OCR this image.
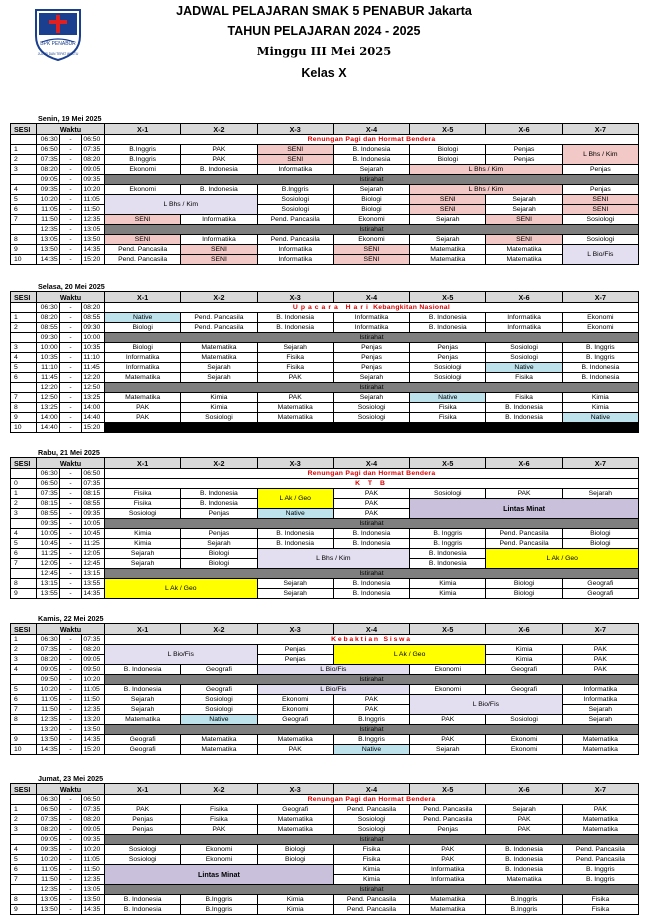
BPK PENABUR
JUJUR DAN TEPAT WAKTU
JADWAL PELAJARAN SMAK 5 PENABUR Jakarta
TAHUN PELAJARAN 2024 - 2025
Minggu III Mei 2025
Kelas X
Senin, 19 Mei 2025
SESI	Waktu			X-1	X-2	X-3	X-4	X-5	X-6	X-7
	06:30	-	06:50	Renungan Pagi dan Hormat Bendera						
1	06:50	-	07:35	B.Inggris	PAK	SENI	B. Indonesia	Biologi	Penjas	L Bhs / Kim
2	07:35	-	08:20	B.Inggris	PAK	SENI	B. Indonesia	Biologi	Penjas	
3	08:20	-	09:05	Ekonomi	B. Indonesia	Informatika	Sejarah	L Bhs / Kim		Penjas
	09:05	-	09:35	Istirahat						
4	09:35	-	10:20	Ekonomi	B. Indonesia	B.Inggris	Sejarah	L Bhs / Kim		Penjas
5	10:20	-	11:05	L Bhs / Kim		Sosiologi	Biologi	SENI	Sejarah	SENI
6	11:05	-	11:50			Sosiologi	Biologi	SENI	Sejarah	SENI
7	11:50	-	12:35	SENI	Informatika	Pend. Pancasila	Ekonomi	Sejarah	SENI	Sosiologi
	12:35	-	13:05	Istirahat						
8	13:05	-	13:50	SENI	Informatika	Pend. Pancasila	Ekonomi	Sejarah	SENI	Sosiologi
9	13:50	-	14:35	Pend. Pancasila	SENI	Informatika	SENI	Matematika	Matematika	L Bio/Fis
10	14:35	-	15:20	Pend. Pancasila	SENI	Informatika	SENI	Matematika	Matematika	
Selasa, 20 Mei 2025
SESI	Waktu			X-1	X-2	X-3	X-4	X-5	X-6	X-7
	06:30	-	08:20	Upacara Hari Kebangkitan Nasional						
1	08:20	-	08:55	Native	Pend. Pancasila	B. Indonesia	Informatika	B. Indonesia	Informatika	Ekonomi
2	08:55	-	09:30	Biologi	Pend. Pancasila	B. Indonesia	Informatika	B. Indonesia	Informatika	Ekonomi
	09:30	-	10:00	Istirahat						
3	10:00	-	10:35	Biologi	Matematika	Sejarah	Penjas	Penjas	Sosiologi	B. Inggris
4	10:35	-	11:10	Informatika	Matematika	Fisika	Penjas	Penjas	Sosiologi	B. Inggris
5	11:10	-	11:45	Informatika	Sejarah	Fisika	Penjas	Sosiologi	Native	B. Indonesia
6	11:45	-	12:20	Matematika	Sejarah	PAK	Sejarah	Sosiologi	Fisika	B. Indonesia
	12:20	-	12:50	Istirahat						
7	12:50	-	13:25	Matematika	Kimia	PAK	Sejarah	Native	Fisika	Kimia
8	13:25	-	14:00	PAK	Kimia	Matematika	Sosiologi	Fisika	B. Indonesia	Kimia
9	14:00	-	14:40	PAK	Sosiologi	Matematika	Sosiologi	Fisika	B. Indonesia	Native
10	14:40	-	15:20							
Rabu, 21 Mei 2025
SESI	Waktu			X-1	X-2	X-3	X-4	X-5	X-6	X-7
	06:30	-	06:50	Renungan Pagi dan Hormat Bendera						
0	06:50	-	07:35	K T B						
1	07:35	-	08:15	Fisika	B. Indonesia	L Ak / Geo	PAK	Sosiologi	PAK	Sejarah
2	08:15	-	08:55	Fisika	B. Indonesia		PAK	Lintas Minat		
3	08:55	-	09:35	Sosiologi	Penjas	Native	PAK			
	09:35	-	10:05	Istirahat						
4	10:05	-	10:45	Kimia	Penjas	B. Indonesia	B. Indonesia	B. Inggris	Pend. Pancasila	Biologi
5	10:45	-	11:25	Kimia	Sejarah	B. Indonesia	B. Indonesia	B. Inggris	Pend. Pancasila	Biologi
6	11:25	-	12:05	Sejarah	Biologi	L Bhs / Kim		B. Indonesia	L Ak / Geo	
7	12:05	-	12:45	Sejarah	Biologi			B. Indonesia		
	12:45	-	13:15	Istirahat						
8	13:15	-	13:55	L Ak / Geo		Sejarah	B. Indonesia	Kimia	Biologi	Geografi
9	13:55	-	14:35			Sejarah	B. Indonesia	Kimia	Biologi	Geografi
Kamis, 22 Mei 2025
SESI	Waktu			X-1	X-2	X-3	X-4	X-5	X-6	X-7
1	06:30	-	07:35	Kebaktian Siswa						
2	07:35	-	08:20	L Bio/Fis		Penjas	L Ak / Geo		Kimia	PAK
3	08:20	-	09:05			Penjas			Kimia	PAK
4	09:05	-	09:50	B. Indonesia	Geografi	L Bio/Fis		Ekonomi	Geografi	PAK
	09:50	-	10:20	Istirahat						
5	10:20	-	11:05	B. Indonesia	Geografi	L Bio/Fis		Ekonomi	Geografi	Informatika
6	11:05	-	11:50	Sejarah	Sosiologi	Ekonomi	PAK	L Bio/Fis		Informatika
7	11:50	-	12:35	Sejarah	Sosiologi	Ekonomi	PAK			Sejarah
8	12:35	-	13:20	Matematika	Native	Geografi	B.Inggris	PAK	Sosiologi	Sejarah
	13:20	-	13:50	Istirahat						
9	13:50	-	14:35	Geografi	Matematika	Matematika	B.Inggris	PAK	Ekonomi	Matematika
10	14:35	-	15:20	Geografi	Matematika	PAK	Native	Sejarah	Ekonomi	Matematika
Jumat, 23 Mei 2025
SESI	Waktu			X-1	X-2	X-3	X-4	X-5	X-6	X-7
	06:30	-	06:50	Renungan Pagi dan Hormat Bendera						
1	06:50	-	07:35	PAK	Fisika	Geografi	Pend. Pancasila	Pend. Pancasila	Sejarah	PAK
2	07:35	-	08:20	Penjas	Fisika	Matematika	Sosiologi	Pend. Pancasila	PAK	Matematika
3	08:20	-	09:05	Penjas	PAK	Matematika	Sosiologi	Penjas	PAK	Matematika
	09:05	-	09:35	Istirahat						
4	09:35	-	10:20	Sosiologi	Ekonomi	Biologi	Fisika	PAK	B. Indonesia	Pend. Pancasila
5	10:20	-	11:05	Sosiologi	Ekonomi	Biologi	Fisika	PAK	B. Indonesia	Pend. Pancasila
6	11:05	-	11:50	Lintas Minat			Kimia	Informatika	B. Indonesia	B. Inggris
7	11:50	-	12:35				Kimia	Informatika	Matematika	B. Inggris
	12:35	-	13:05	Istirahat						
8	13:05	-	13:50	B. Indonesia	B.Inggris	Kimia	Pend. Pancasila	Matematika	B.Inggris	Fisika
9	13:50	-	14:35	B. Indonesia	B.Inggris	Kimia	Pend. Pancasila	Matematika	B.Inggris	Fisika
